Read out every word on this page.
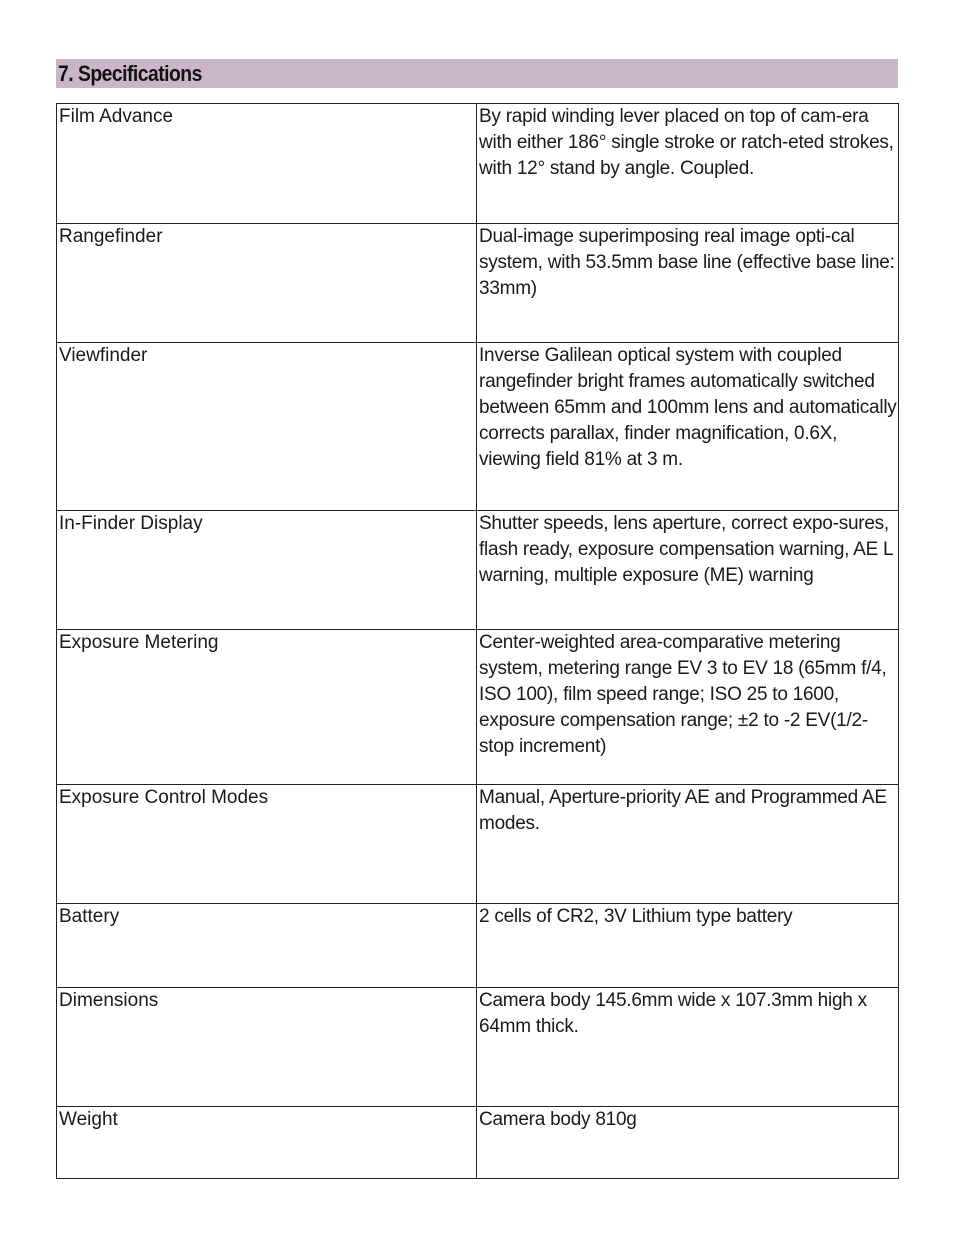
7. Specifications
Film Advance	By rapid winding lever placed on top of cam-era with either 186° single stroke or ratch-eted strokes, with 12° stand by angle. Coupled.
Rangefinder	Dual-image superimposing real image opti-cal system, with 53.5mm base line (effective base line: 33mm)
Viewfinder	Inverse Galilean optical system with coupled rangefinder bright frames automatically switched between 65mm and 100mm lens and automatically corrects parallax, finder magnification, 0.6X, viewing field 81% at 3 m.
In-Finder Display	Shutter speeds, lens aperture, correct expo-sures, flash ready, exposure compensation warning, AE L warning, multiple exposure (ME) warning
Exposure Metering	Center-weighted area-comparative metering system, metering range EV 3 to EV 18 (65mm f/4, ISO 100), film speed range; ISO 25 to 1600, exposure compensation range; ±2 to -2 EV(1/2-stop increment)
Exposure Control Modes	Manual, Aperture-priority AE and Programmed AE modes.
Battery	2 cells of CR2, 3V Lithium type battery
Dimensions	Camera body 145.6mm wide x 107.3mm high x 64mm thick.
Weight	Camera body 810g
